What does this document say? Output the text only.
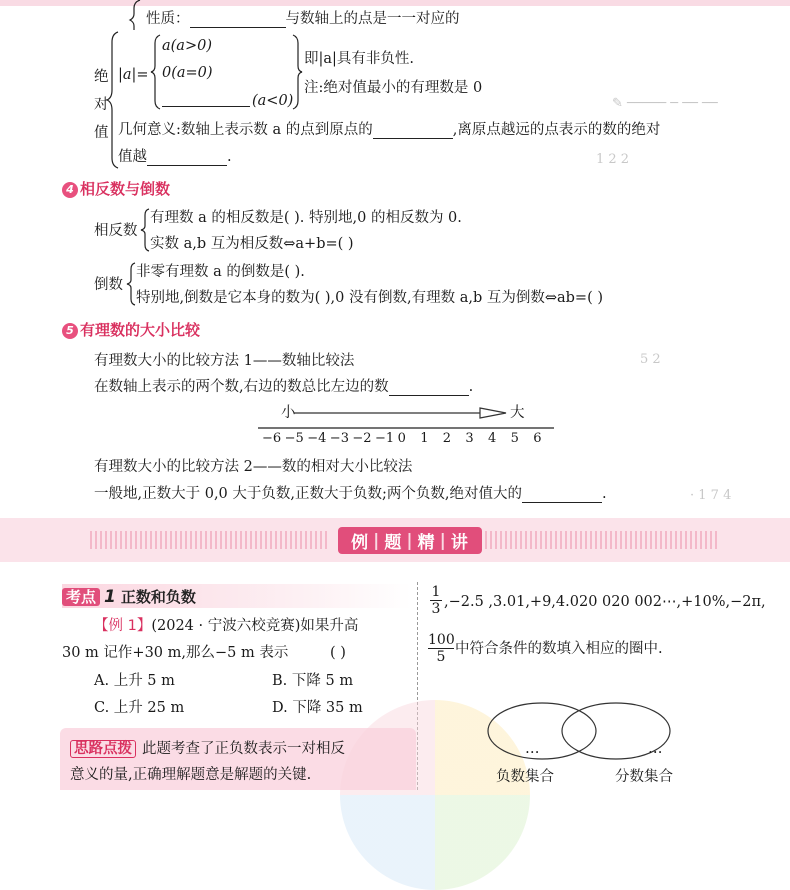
✎ ───── ─ ── ──
1 2 2
5 2
· 1 7 4
性质：	与数轴上的点是一一对应的
绝
对
值
|a|=
a(a>0)
0(a=0)
(a<0)
即|a|具有非负性.
注:绝对值最小的有理数是 0
几何意义:数轴上表示数 a 的点到原点的	,离原点越远的点表示的数的绝对
值越	.
4 相反数与倒数
相反数
有理数 a 的相反数是( ). 特别地,0 的相反数为 0.
实数 a,b 互为相反数⇔a+b=( )
倒数
非零有理数 a 的倒数是( ).
特别地,倒数是它本身的数为( ),0 没有倒数,有理数 a,b 互为倒数⇔ab=( )
5 有理数的大小比较
有理数大小的比较方法 1——数轴比较法
在数轴上表示的两个数,右边的数总比左边的数	.
小	大
−6 −5 −4 −3 −2 −1 0 1 2 3 4 5 6
有理数大小的比较方法 2——数的相对大小比较法
一般地,正数大于 0,0 大于负数,正数大于负数;两个负数,绝对值大的	.
例 | 题 | 精 | 讲
考点 1 正数和负数
【例 1】(2024 · 宁波六校竞赛)如果升高
30 m 记作+30 m,那么−5 m 表示	( )
A. 上升 5 m	B. 下降 5 m
C. 上升 25 m	D. 下降 35 m
思路点拨 此题考查了正负数表示一对相反
意义的量,正确理解题意是解题的关键.
$\frac{1}{3} ,-2.5$ ,3.01,+9,4.020 020 002⋯,+10%,−2π,
$\frac{100}{5}$ 中符合条件的数填入相应的圈中.
…	…
负数集合	分数集合
